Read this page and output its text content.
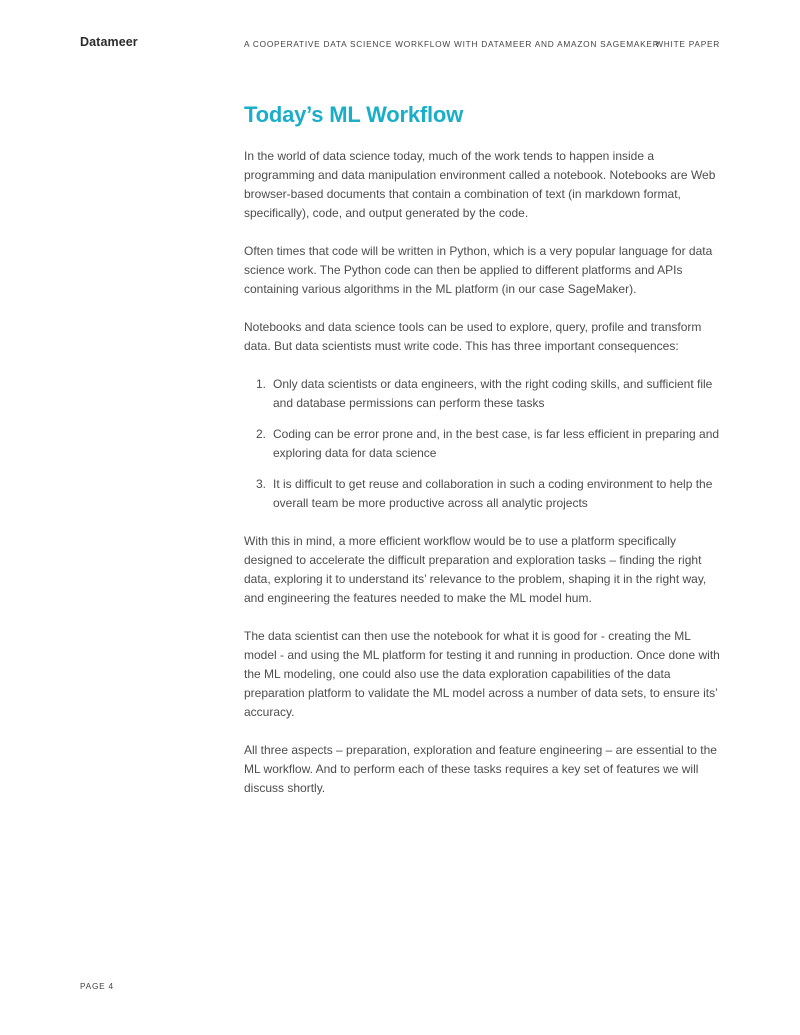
Datameer	A COOPERATIVE DATA SCIENCE WORKFLOW WITH DATAMEER AND AMAZON SAGEMAKER
WHITE PAPER
Today’s ML Workflow

In the world of data science today, much of the work tends to happen inside a programming and data manipulation environment called a notebook. Notebooks are Web browser-based documents that contain a combination of text (in markdown format, specifically), code, and output generated by the code.

Often times that code will be written in Python, which is a very popular language for data science work. The Python code can then be applied to different platforms and APIs containing various algorithms in the ML platform (in our case SageMaker).

Notebooks and data science tools can be used to explore, query, profile and transform data. But data scientists must write code. This has three important consequences:

1. Only data scientists or data engineers, with the right coding skills, and sufficient file and database permissions can perform these tasks
2. Coding can be error prone and, in the best case, is far less efficient in preparing and exploring data for data science
3. It is difficult to get reuse and collaboration in such a coding environment to help the overall team be more productive across all analytic projects

With this in mind, a more efficient workflow would be to use a platform specifically designed to accelerate the difficult preparation and exploration tasks – finding the right data, exploring it to understand its’ relevance to the problem, shaping it in the right way, and engineering the features needed to make the ML model hum.

The data scientist can then use the notebook for what it is good for - creating the ML model - and using the ML platform for testing it and running in production. Once done with the ML modeling, one could also use the data exploration capabilities of the data preparation platform to validate the ML model across a number of data sets, to ensure its’ accuracy.

All three aspects – preparation, exploration and feature engineering – are essential to the ML workflow. And to perform each of these tasks requires a key set of features we will discuss shortly.

PAGE 4
